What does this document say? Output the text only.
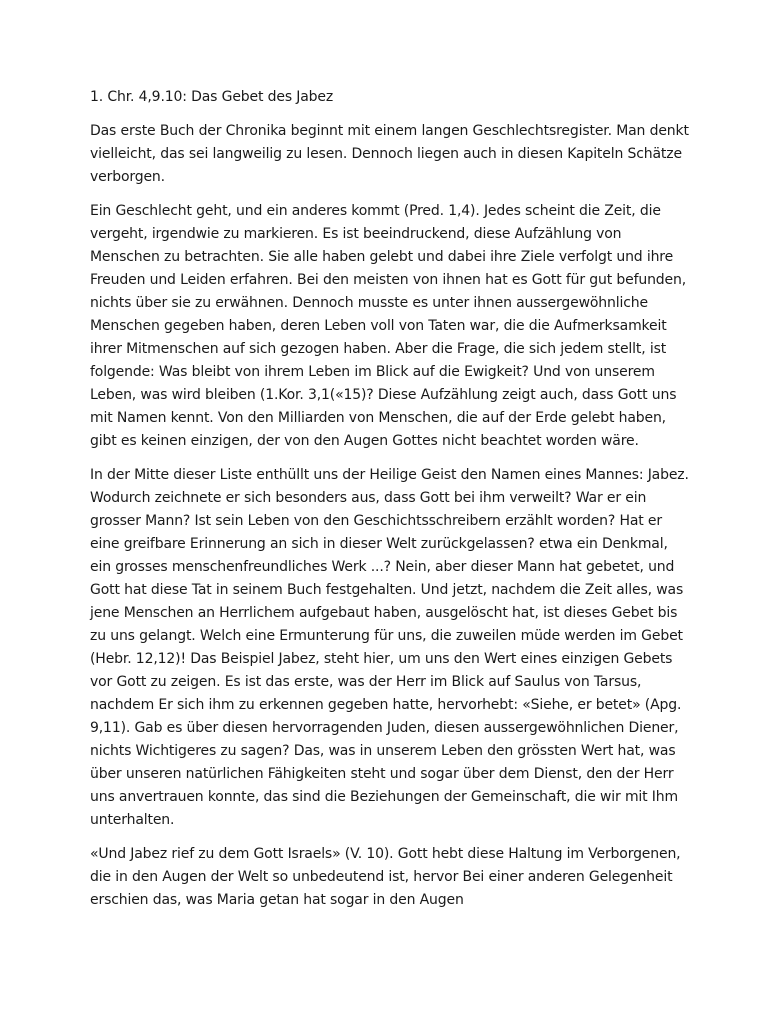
1. Chr. 4,9.10: Das Gebet des Jabez

Das erste Buch der Chronika beginnt mit einem langen Geschlechtsregister. Man denkt vielleicht, das sei langweilig zu lesen. Dennoch liegen auch in diesen Kapiteln Schätze verborgen.

Ein Geschlecht geht, und ein anderes kommt (Pred. 1,4). Jedes scheint die Zeit, die vergeht, irgendwie zu markieren. Es ist beeindruckend, diese Aufzählung von Menschen zu betrachten. Sie alle haben gelebt und dabei ihre Ziele verfolgt und ihre Freuden und Leiden erfahren. Bei den meisten von ihnen hat es Gott für gut befunden, nichts über sie zu erwähnen. Dennoch musste es unter ihnen aussergewöhnliche Menschen gegeben haben, deren Leben voll von Taten war, die die Aufmerksamkeit ihrer Mitmenschen auf sich gezogen haben. Aber die Frage, die sich jedem stellt, ist folgende: Was bleibt von ihrem Leben im Blick auf die Ewigkeit? Und von unserem Leben, was wird bleiben (1.Kor. 3,1(«15)? Diese Aufzählung zeigt auch, dass Gott uns mit Namen kennt. Von den Milliarden von Menschen, die auf der Erde gelebt haben, gibt es keinen einzigen, der von den Augen Gottes nicht beachtet worden wäre.

In der Mitte dieser Liste enthüllt uns der Heilige Geist den Namen eines Mannes: Jabez. Wodurch zeichnete er sich besonders aus, dass Gott bei ihm verweilt? War er ein grosser Mann? Ist sein Leben von den Geschichtsschreibern erzählt worden? Hat er eine greifbare Erinnerung an sich in dieser Welt zurückgelassen? etwa ein Denkmal, ein grosses menschenfreundliches Werk ...? Nein, aber dieser Mann hat gebetet, und Gott hat diese Tat in seinem Buch festgehalten. Und jetzt, nachdem die Zeit alles, was jene Menschen an Herrlichem aufgebaut haben, ausgelöscht hat, ist dieses Gebet bis zu uns gelangt. Welch eine Ermunterung für uns, die zuweilen müde werden im Gebet (Hebr. 12,12)! Das Beispiel Jabez, steht hier, um uns den Wert eines einzigen Gebets vor Gott zu zeigen. Es ist das erste, was der Herr im Blick auf Saulus von Tarsus, nachdem Er sich ihm zu erkennen gegeben hatte, hervorhebt: «Siehe, er betet» (Apg. 9,11). Gab es über diesen hervorragenden Juden, diesen aussergewöhnlichen Diener, nichts Wichtigeres zu sagen? Das, was in unserem Leben den grössten Wert hat, was über unseren natürlichen Fähigkeiten steht und sogar über dem Dienst, den der Herr uns anvertrauen konnte, das sind die Beziehungen der Gemeinschaft, die wir mit Ihm unterhalten.

«Und Jabez rief zu dem Gott Israels» (V. 10). Gott hebt diese Haltung im Verborgenen, die in den Augen der Welt so unbedeutend ist, hervor Bei einer anderen Gelegenheit erschien das, was Maria getan hat sogar in den Augen
